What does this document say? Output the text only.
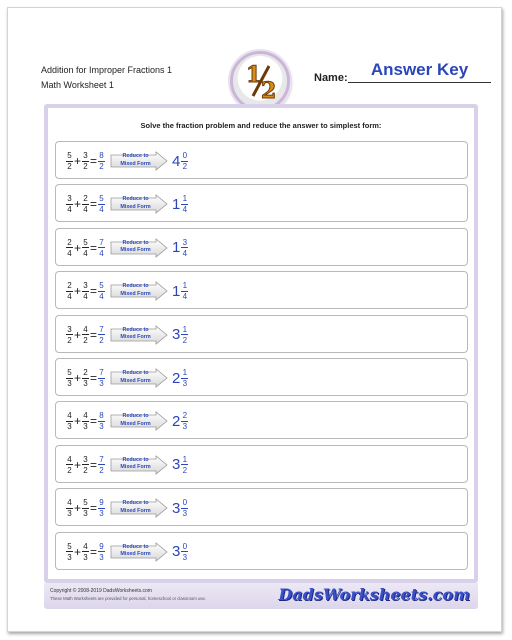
Addition for Improper Fractions 1
Math Worksheet 1	1
2	Name:	Answer Key
Solve the fraction problem and reduce the answer to simplest form:
$\frac{5}{2} + \frac{3}{2} = \frac{8}{2}$	Reduce to
Mixed Form	$4 \frac{0}{2}$
$\frac{3}{4} + \frac{2}{4} = \frac{5}{4}$	Reduce to
Mixed Form	$1 \frac{1}{4}$
$\frac{2}{4} + \frac{5}{4} = \frac{7}{4}$	Reduce to
Mixed Form	$1 \frac{3}{4}$
$\frac{2}{4} + \frac{3}{4} = \frac{5}{4}$	Reduce to
Mixed Form	$1 \frac{1}{4}$
$\frac{3}{2} + \frac{4}{2} = \frac{7}{2}$	Reduce to
Mixed Form	$3 \frac{1}{2}$
$\frac{5}{3} + \frac{2}{3} = \frac{7}{3}$	Reduce to
Mixed Form	$2 \frac{1}{3}$
$\frac{4}{3} + \frac{4}{3} = \frac{8}{3}$	Reduce to
Mixed Form	$2 \frac{2}{3}$
$\frac{4}{2} + \frac{3}{2} = \frac{7}{2}$	Reduce to
Mixed Form	$3 \frac{1}{2}$
$\frac{4}{3} + \frac{5}{3} = \frac{9}{3}$	Reduce to
Mixed Form	$3 \frac{0}{3}$
$\frac{5}{3} + \frac{4}{3} = \frac{9}{3}$	Reduce to
Mixed Form	$3 \frac{0}{3}$
Copyright © 2008-2019 DadsWorksheets.com
These Math Worksheets are provided for personal, homeschool or classroom use.	DadsWorksheets.com
